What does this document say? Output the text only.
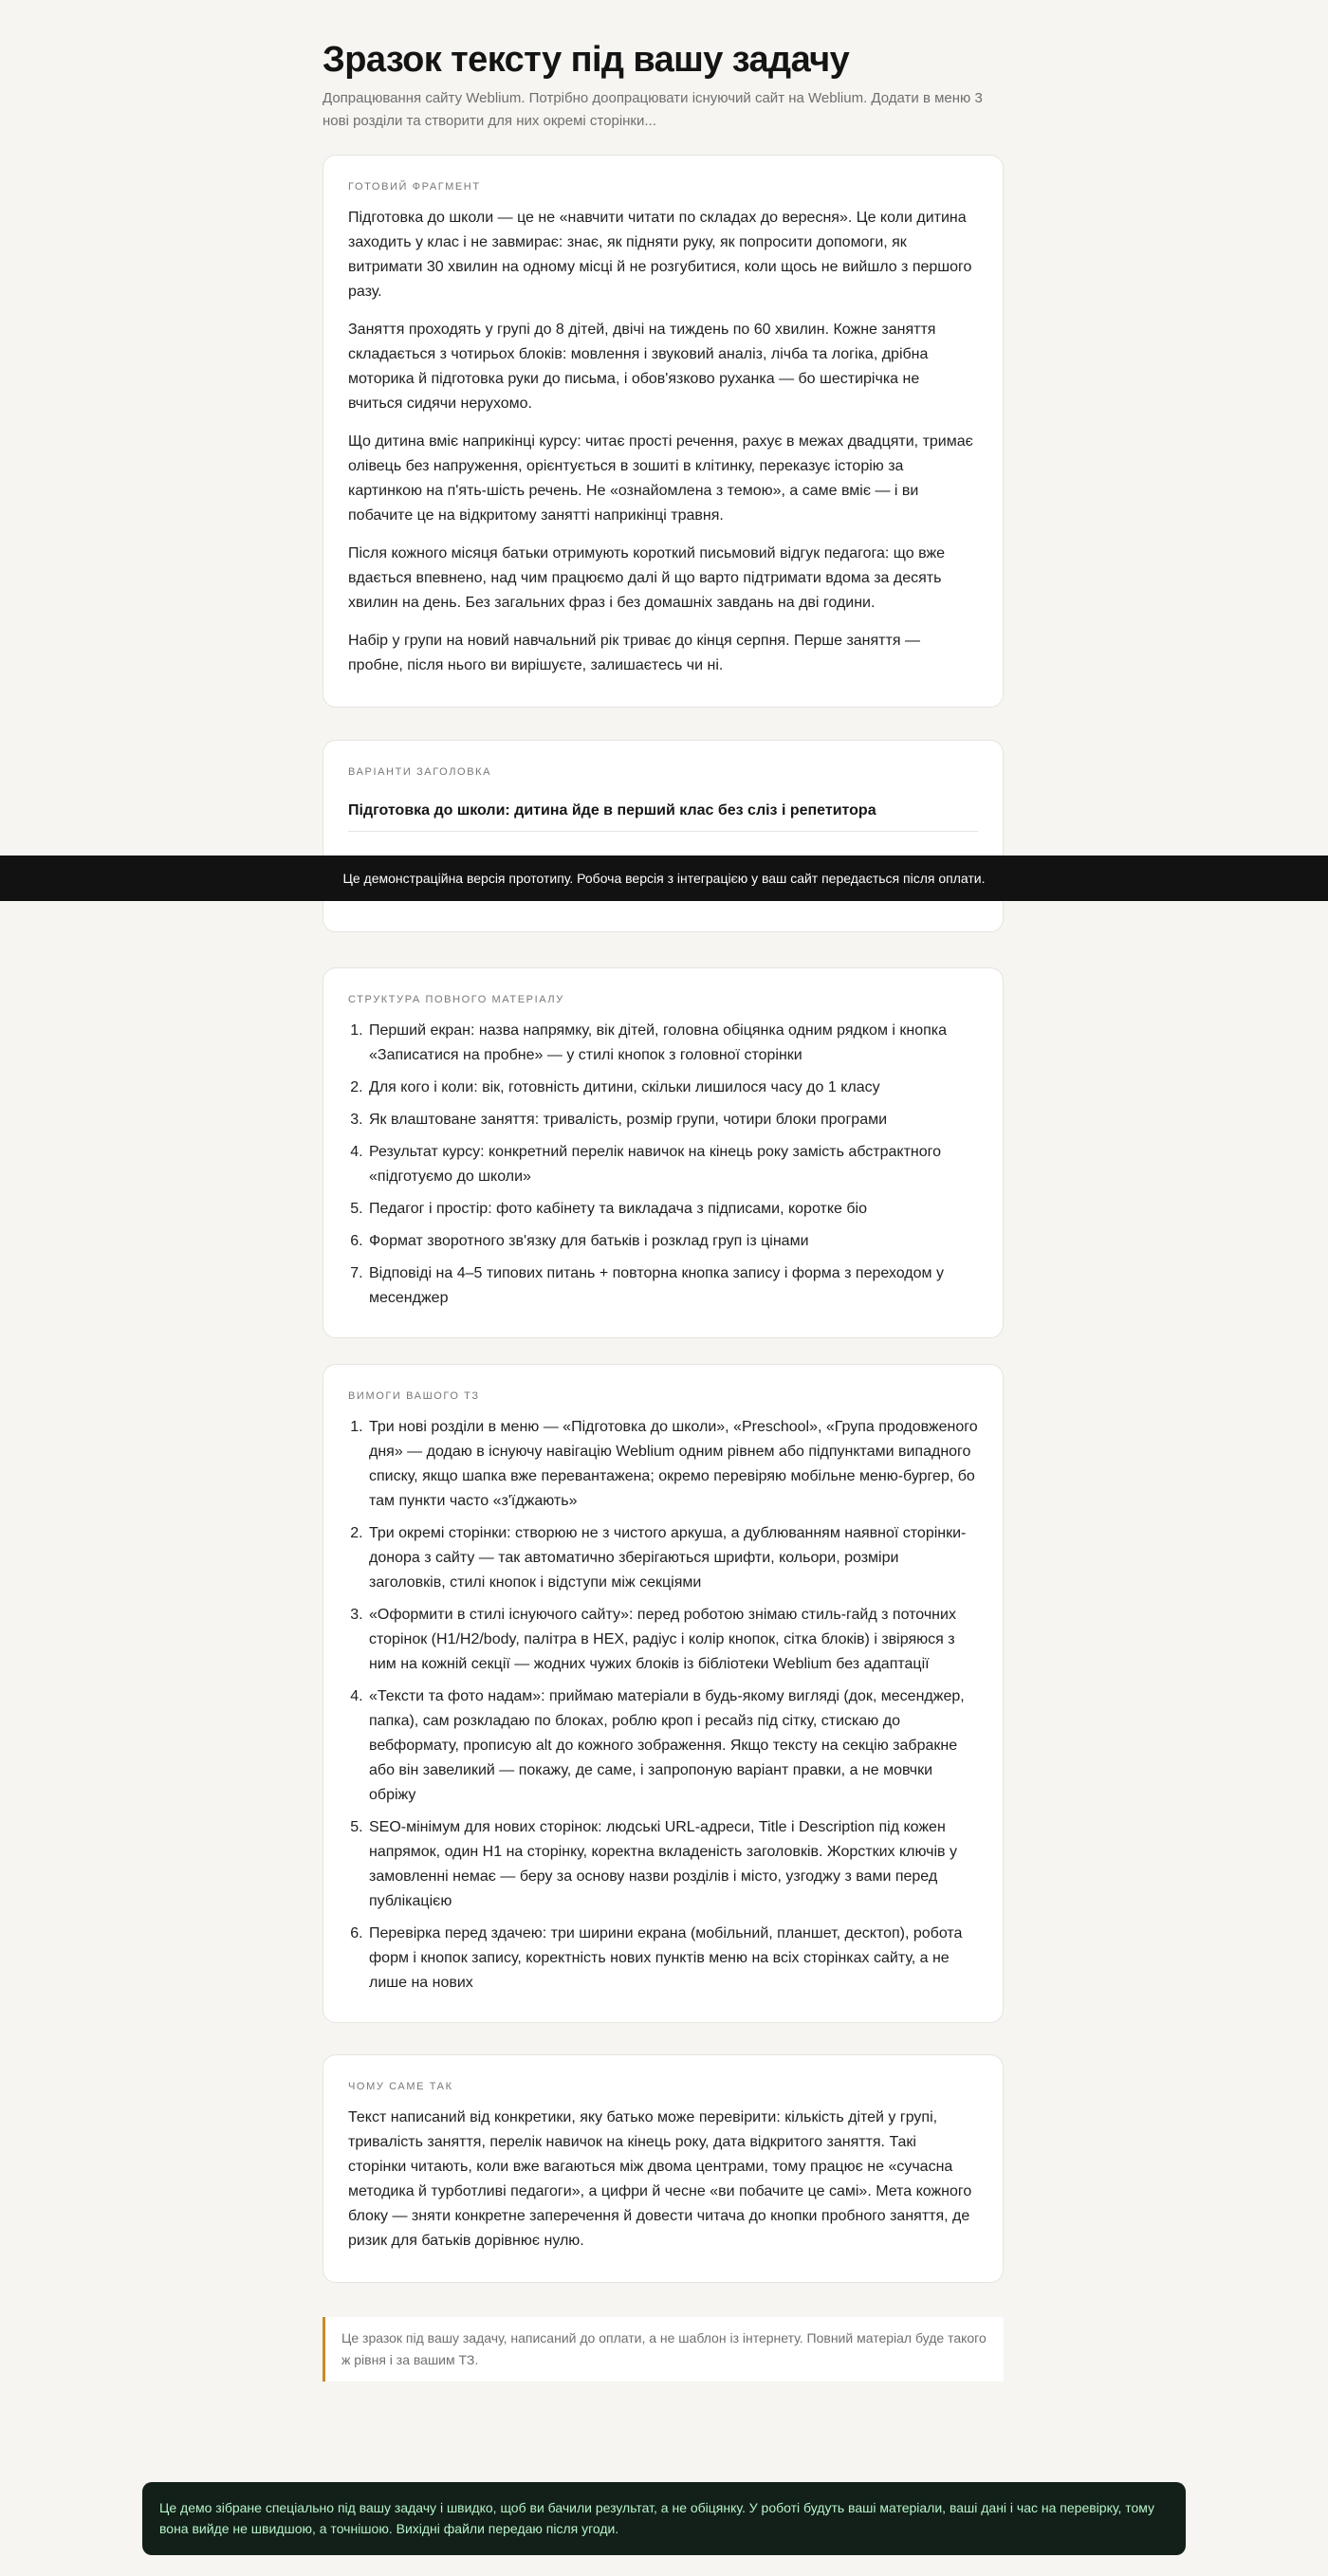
Зразок тексту під вашу задачу
Допрацювання сайту Weblium. Потрібно доопрацювати існуючий сайт на Weblium. Додати в меню 3 нові розділи та створити для них окремі сторінки...
ГОТОВИЙ ФРАГМЕНТ

Підготовка до школи — це не «навчити читати по складах до вересня». Це коли дитина заходить у клас і не завмирає: знає, як підняти руку, як попросити допомоги, як витримати 30 хвилин на одному місці й не розгубитися, коли щось не вийшло з першого разу.

Заняття проходять у групі до 8 дітей, двічі на тиждень по 60 хвилин. Кожне заняття складається з чотирьох блоків: мовлення і звуковий аналіз, лічба та логіка, дрібна моторика й підготовка руки до письма, і обов'язково руханка — бо шестирічка не вчиться сидячи нерухомо.

Що дитина вміє наприкінці курсу: читає прості речення, рахує в межах двадцяти, тримає олівець без напруження, орієнтується в зошиті в клітинку, переказує історію за картинкою на п'ять-шість речень. Не «ознайомлена з темою», а саме вміє — і ви побачите це на відкритому занятті наприкінці травня.

Після кожного місяця батьки отримують короткий письмовий відгук педагога: що вже вдається впевнено, над чим працюємо далі й що варто підтримати вдома за десять хвилин на день. Без загальних фраз і без домашніх завдань на дві години.

Набір у групи на новий навчальний рік триває до кінця серпня. Перше заняття — пробне, після нього ви вирішуєте, залишаєтесь чи ні.

ВАРІАНТИ ЗАГОЛОВКА
Підготовка до школи: дитина йде в перший клас без сліз і репетитора

СТРУКТУРА ПОВНОГО МАТЕРІАЛУ
1. Перший екран: назва напрямку, вік дітей, головна обіцянка одним рядком і кнопка «Записатися на пробне» — у стилі кнопок з головної сторінки
2. Для кого і коли: вік, готовність дитини, скільки лишилося часу до 1 класу
3. Як влаштоване заняття: тривалість, розмір групи, чотири блоки програми
4. Результат курсу: конкретний перелік навичок на кінець року замість абстрактного «підготуємо до школи»
5. Педагог і простір: фото кабінету та викладача з підписами, коротке біо
6. Формат зворотного зв'язку для батьків і розклад груп із цінами
7. Відповіді на 4–5 типових питань + повторна кнопка запису і форма з переходом у месенджер
ВИМОГИ ВАШОГО ТЗ
1. Три нові розділи в меню — «Підготовка до школи», «Preschool», «Група продовженого дня» — додаю в існуючу навігацію Weblium одним рівнем або підпунктами випадного списку, якщо шапка вже перевантажена; окремо перевіряю мобільне меню-бургер, бо там пункти часто «з'їджають»
2. Три окремі сторінки: створюю не з чистого аркуша, а дублюванням наявної сторінки-донора з сайту — так автоматично зберігаються шрифти, кольори, розміри заголовків, стилі кнопок і відступи між секціями
3. «Оформити в стилі існуючого сайту»: перед роботою знімаю стиль-гайд з поточних сторінок (H1/H2/body, палітра в HEX, радіус і колір кнопок, сітка блоків) і звіряюся з ним на кожній секції — жодних чужих блоків із бібліотеки Weblium без адаптації
4. «Тексти та фото надам»: приймаю матеріали в будь-якому вигляді (док, месенджер, папка), сам розкладаю по блоках, роблю кроп і ресайз під сітку, стискаю до вебформату, прописую alt до кожного зображення. Якщо тексту на секцію забракне або він завеликий — покажу, де саме, і запропоную варіант правки, а не мовчки обріжу
5. SEO-мінімум для нових сторінок: людські URL-адреси, Title і Description під кожен напрямок, один H1 на сторінку, коректна вкладеність заголовків. Жорстких ключів у замовленні немає — беру за основу назви розділів і місто, узгоджу з вами перед публікацією
6. Перевірка перед здачею: три ширини екрана (мобільний, планшет, десктоп), робота форм і кнопок запису, коректність нових пунктів меню на всіх сторінках сайту, а не лише на нових
ЧОМУ САМЕ ТАК

Текст написаний від конкретики, яку батько може перевірити: кількість дітей у групі, тривалість заняття, перелік навичок на кінець року, дата відкритого заняття. Такі сторінки читають, коли вже вагаються між двома центрами, тому працює не «сучасна методика й турботливі педагоги», а цифри й чесне «ви побачите це самі». Мета кожного блоку — зняти конкретне заперечення й довести читача до кнопки пробного заняття, де ризик для батьків дорівнює нулю.

Це зразок під вашу задачу, написаний до оплати, а не шаблон із інтернету. Повний матеріал буде такого ж рівня і за вашим ТЗ.
Це демонстраційна версія прототипу. Робоча версія з інтеграцією у ваш сайт передається після оплати.
Це демо зібране спеціально під вашу задачу і швидко, щоб ви бачили результат, а не обіцянку. У роботі будуть ваші матеріали, ваші дані і час на перевірку, тому вона вийде не швидшою, а точнішою. Вихідні файли передаю після угоди.
